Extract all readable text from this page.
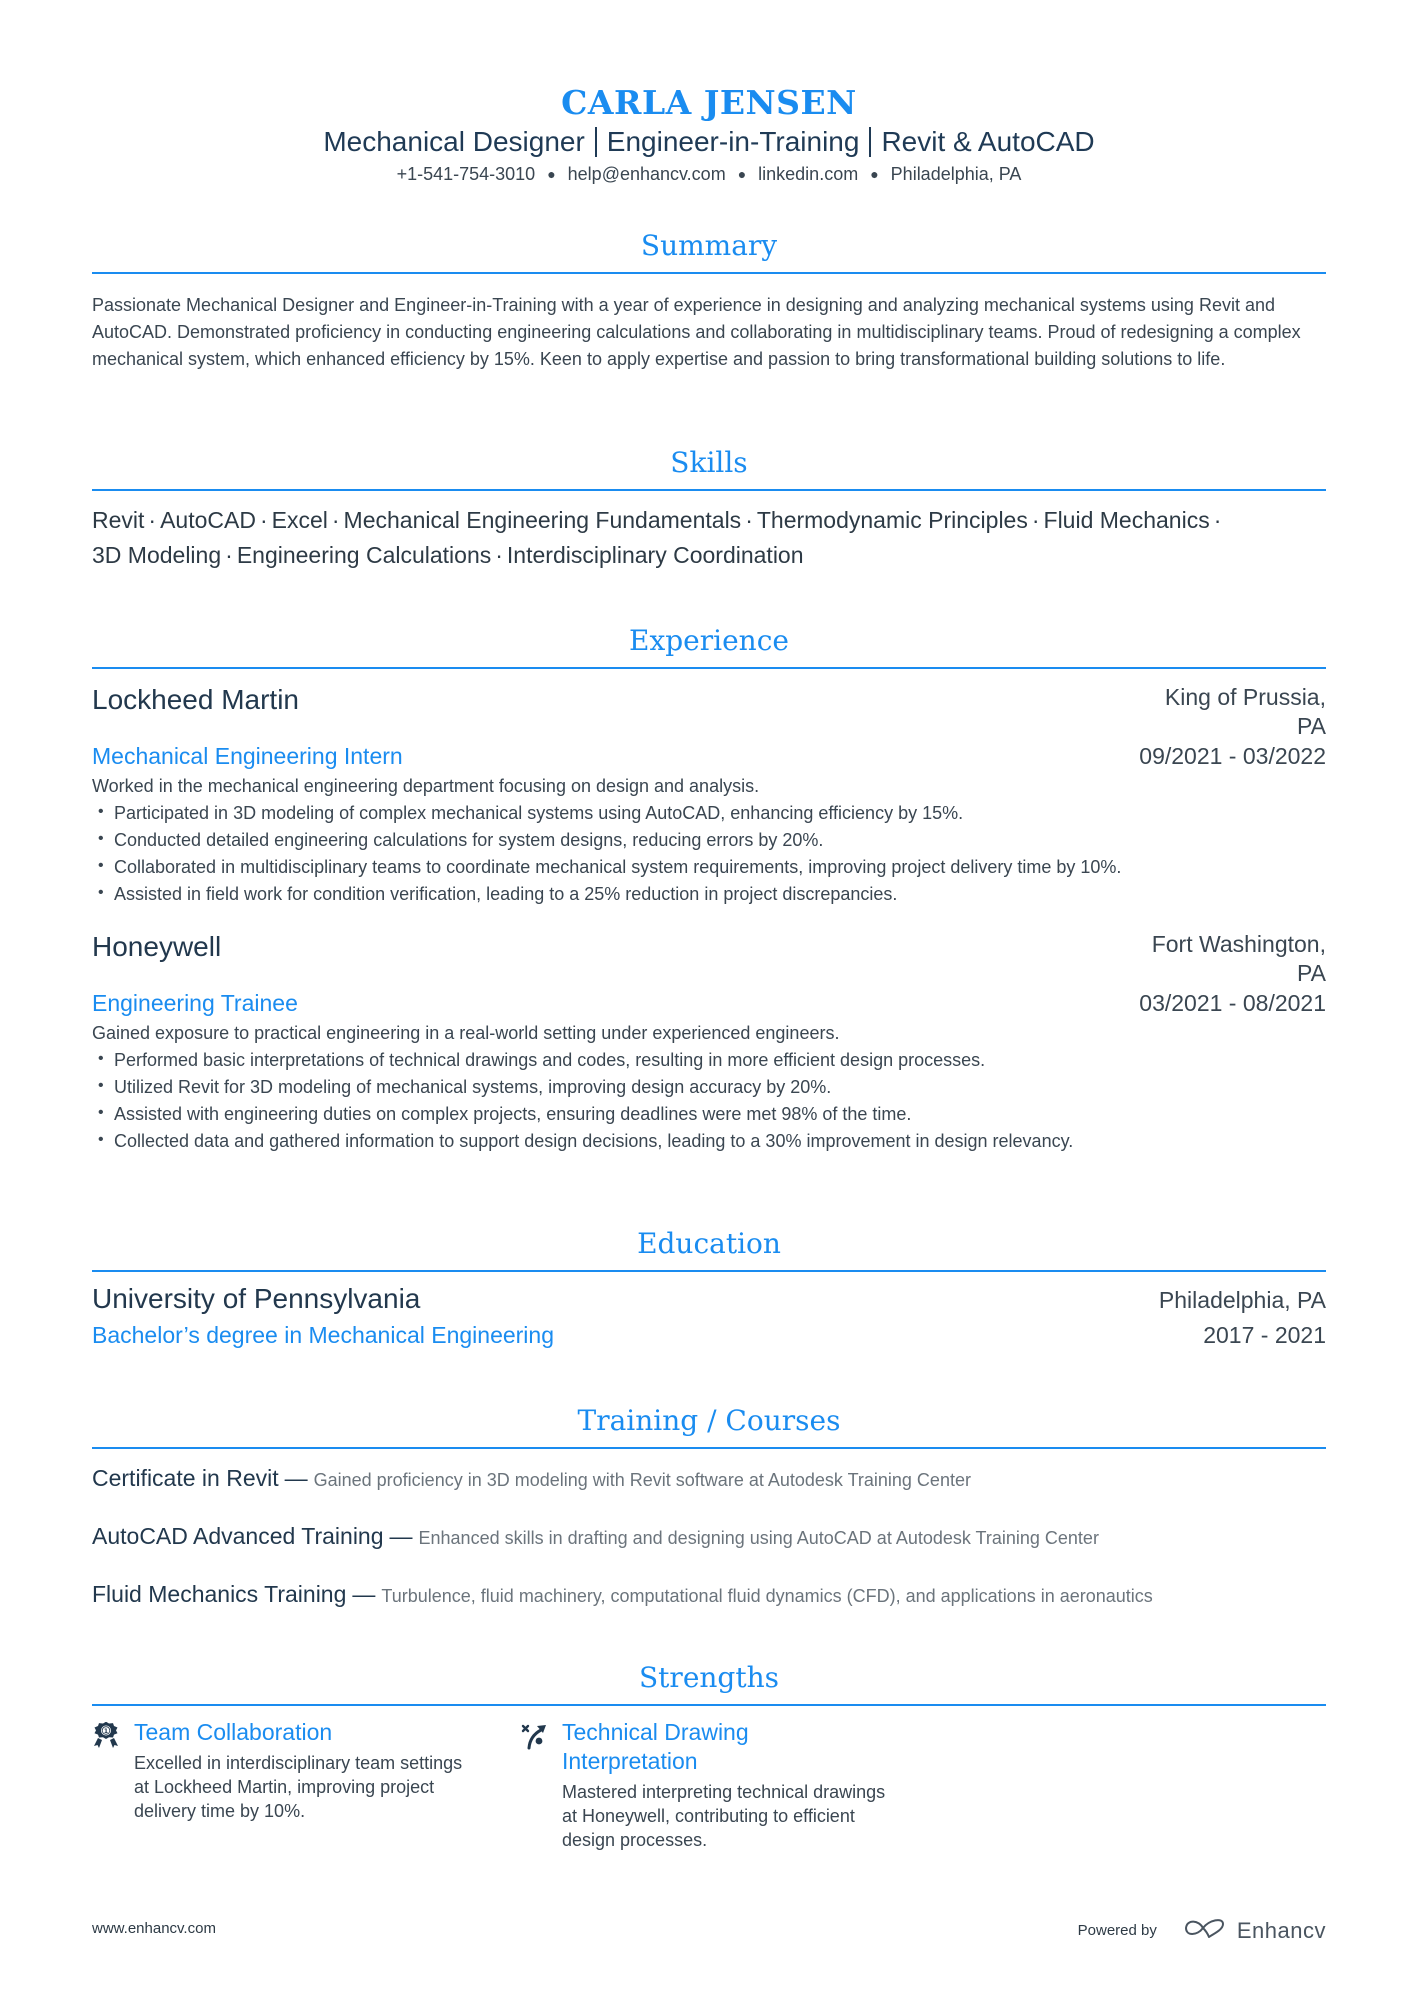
CARLA JENSEN
Mechanical Designer Engineer-in-Training Revit & AutoCAD
+1-541-754-3010 ● help@enhancv.com ● linkedin.com ● Philadelphia, PA
Summary
Passionate Mechanical Designer and Engineer-in-Training with a year of experience in designing and analyzing mechanical systems using Revit and AutoCAD. Demonstrated proficiency in conducting engineering calculations and collaborating in multidisciplinary teams. Proud of redesigning a complex mechanical system, which enhanced efficiency by 15%. Keen to apply expertise and passion to bring transformational building solutions to life.
Skills
Revit · AutoCAD · Excel · Mechanical Engineering Fundamentals · Thermodynamic Principles · Fluid Mechanics ·
3D Modeling · Engineering Calculations · Interdisciplinary Coordination
Experience
Lockheed Martin	King of Prussia,
PA
Mechanical Engineering Intern	09/2021 - 03/2022
Worked in the mechanical engineering department focusing on design and analysis.
• Participated in 3D modeling of complex mechanical systems using AutoCAD, enhancing efficiency by 15%.
• Conducted detailed engineering calculations for system designs, reducing errors by 20%.
• Collaborated in multidisciplinary teams to coordinate mechanical system requirements, improving project delivery time by 10%.
• Assisted in field work for condition verification, leading to a 25% reduction in project discrepancies.
Honeywell	Fort Washington,
PA
Engineering Trainee	03/2021 - 08/2021
Gained exposure to practical engineering in a real-world setting under experienced engineers.
• Performed basic interpretations of technical drawings and codes, resulting in more efficient design processes.
• Utilized Revit for 3D modeling of mechanical systems, improving design accuracy by 20%.
• Assisted with engineering duties on complex projects, ensuring deadlines were met 98% of the time.
• Collected data and gathered information to support design decisions, leading to a 30% improvement in design relevancy.
Education
University of Pennsylvania	Philadelphia, PA
Bachelor’s degree in Mechanical Engineering	2017 - 2021
Training / Courses
Certificate in Revit — Gained proficiency in 3D modeling with Revit software at Autodesk Training Center
AutoCAD Advanced Training — Enhanced skills in drafting and designing using AutoCAD at Autodesk Training Center
Fluid Mechanics Training — Turbulence, fluid machinery, computational fluid dynamics (CFD), and applications in aeronautics
Strengths
1 Team Collaboration
Excelled in interdisciplinary team settings at Lockheed Martin, improving project delivery time by 10%.
Technical Drawing Interpretation
Mastered interpreting technical drawings at Honeywell, contributing to efficient design processes.
www.enhancv.com	Powered by	Enhancv
